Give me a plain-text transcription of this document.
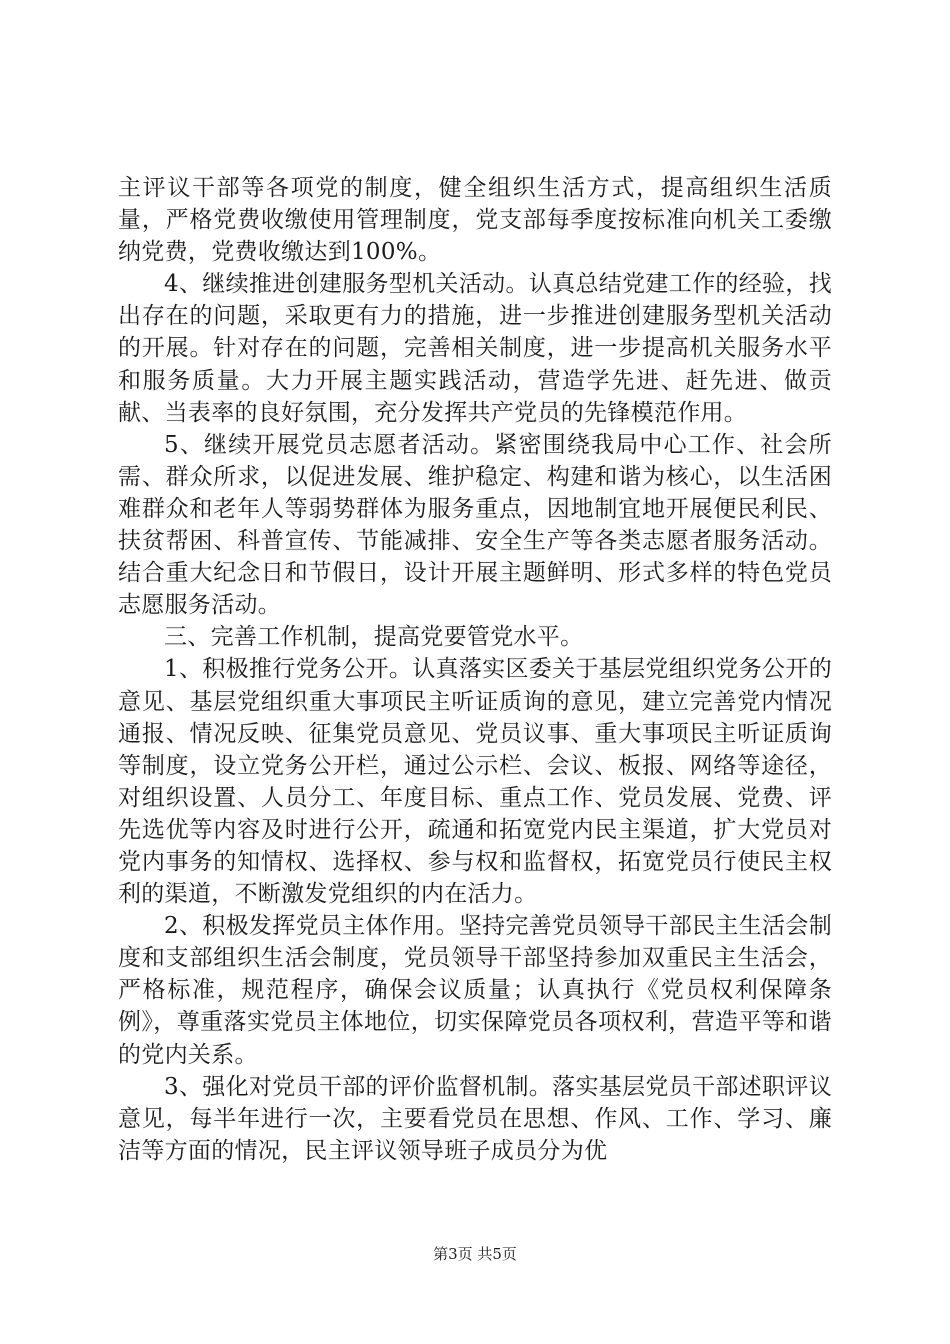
主评议干部等各项党的制度，健全组织生活方式，提高组织生活质量，严格党费收缴使用管理制度，党支部每季度按标准向机关工委缴纳党费，党费收缴达到100%。

4、继续推进创建服务型机关活动。认真总结党建工作的经验，找出存在的问题，采取更有力的措施，进一步推进创建服务型机关活动的开展。针对存在的问题，完善相关制度，进一步提高机关服务水平和服务质量。大力开展主题实践活动，营造学先进、赶先进、做贡献、当表率的良好氛围，充分发挥共产党员的先锋模范作用。

5、继续开展党员志愿者活动。紧密围绕我局中心工作、社会所需、群众所求，以促进发展、维护稳定、构建和谐为核心，以生活困难群众和老年人等弱势群体为服务重点，因地制宜地开展便民利民、扶贫帮困、科普宣传、节能减排、安全生产等各类志愿者服务活动。结合重大纪念日和节假日，设计开展主题鲜明、形式多样的特色党员志愿服务活动。

三、完善工作机制，提高党要管党水平。

1、积极推行党务公开。认真落实区委关于基层党组织党务公开的意见、基层党组织重大事项民主听证质询的意见，建立完善党内情况通报、情况反映、征集党员意见、党员议事、重大事项民主听证质询等制度，设立党务公开栏，通过公示栏、会议、板报、网络等途径，对组织设置、人员分工、年度目标、重点工作、党员发展、党费、评先选优等内容及时进行公开，疏通和拓宽党内民主渠道，扩大党员对党内事务的知情权、选择权、参与权和监督权，拓宽党员行使民主权利的渠道，不断激发党组织的内在活力。

2、积极发挥党员主体作用。坚持完善党员领导干部民主生活会制度和支部组织生活会制度，党员领导干部坚持参加双重民主生活会，严格标准，规范程序，确保会议质量；认真执行《党员权利保障条例》，尊重落实党员主体地位，切实保障党员各项权利，营造平等和谐的党内关系。

3、强化对党员干部的评价监督机制。落实基层党员干部述职评议意见，每半年进行一次，主要看党员在思想、作风、工作、学习、廉洁等方面的情况，民主评议领导班子成员分为优

第3页 共5页
